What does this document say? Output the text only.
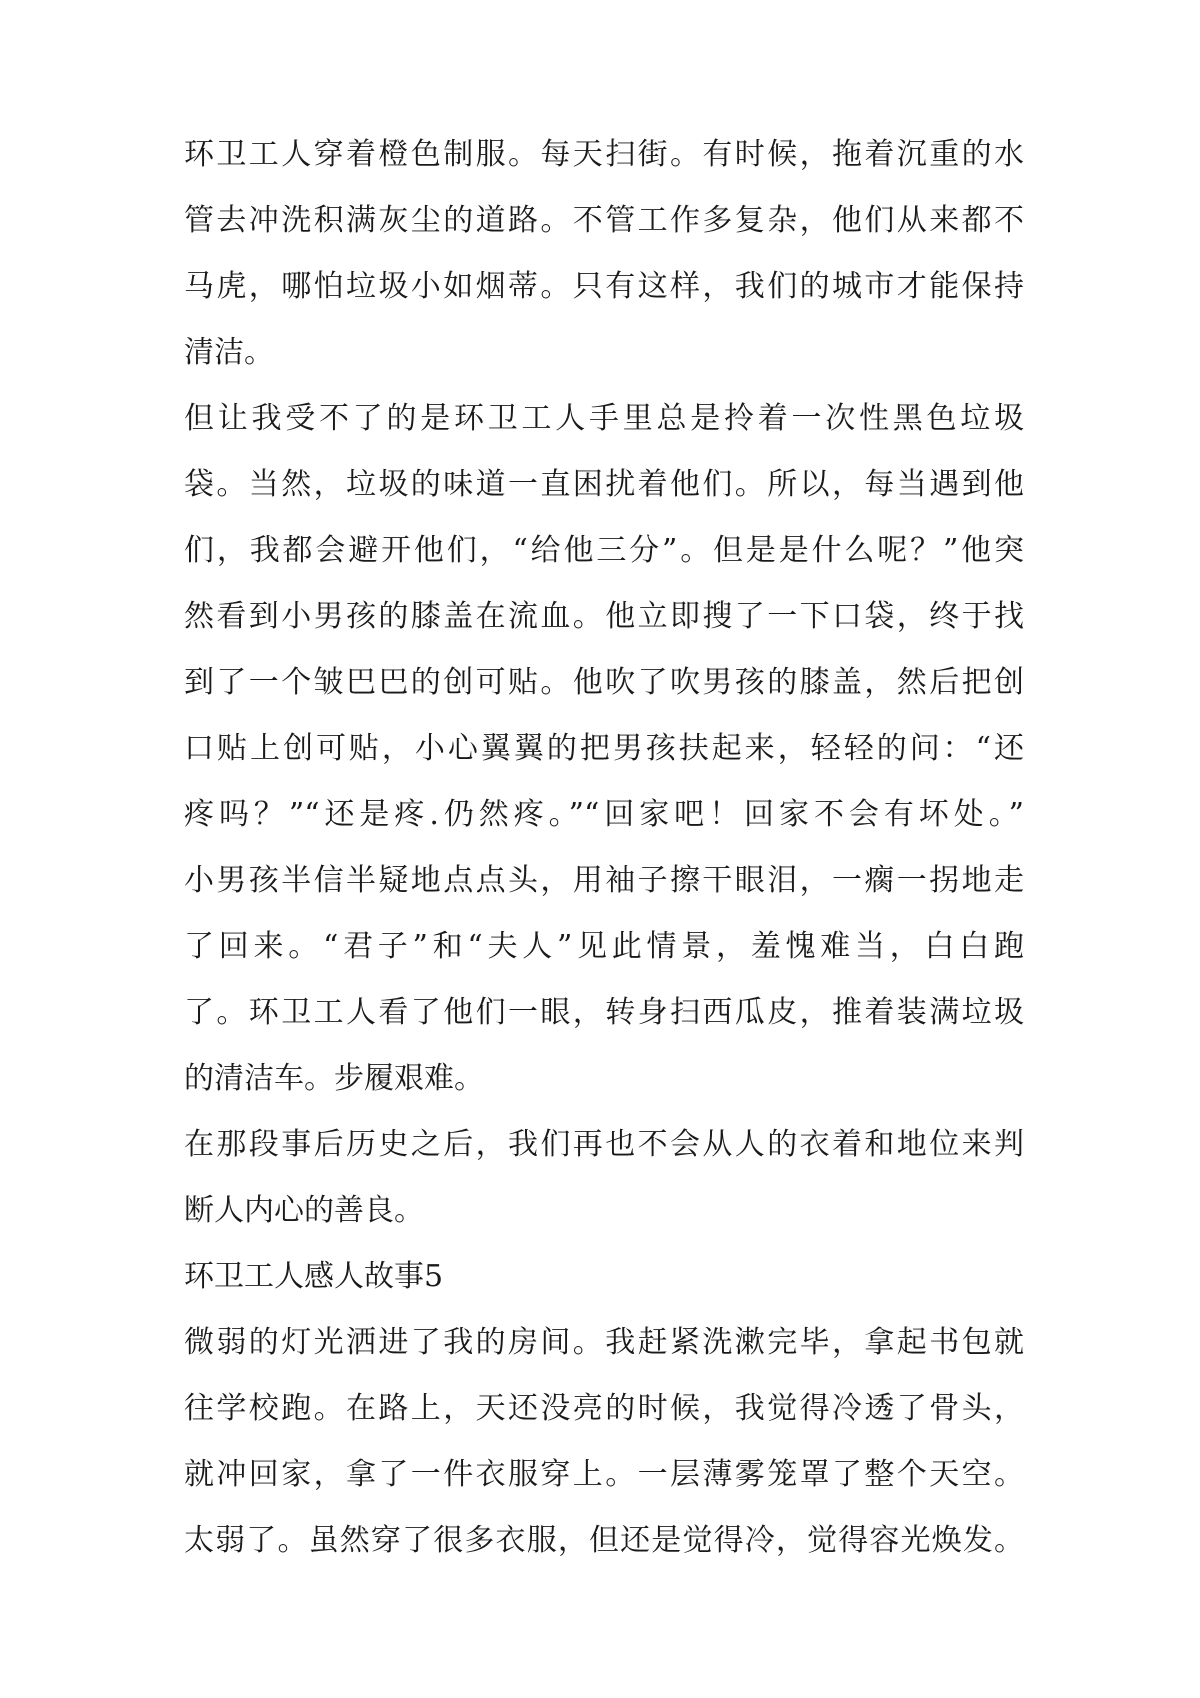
环卫工人穿着橙色制服。每天扫街。有时候，拖着沉重的水
管去冲洗积满灰尘的道路。不管工作多复杂，他们从来都不
马虎，哪怕垃圾小如烟蒂。只有这样，我们的城市才能保持
清洁。
但让我受不了的是环卫工人手里总是拎着一次性黑色垃圾
袋。当然，垃圾的味道一直困扰着他们。所以，每当遇到他
们，我都会避开他们，“给他三分”。但是是什么呢？”他突
然看到小男孩的膝盖在流血。他立即搜了一下口袋，终于找
到了一个皱巴巴的创可贴。他吹了吹男孩的膝盖，然后把创
口贴上创可贴，小心翼翼的把男孩扶起来，轻轻的问：“还
疼吗？”“还是疼.仍然疼。”“回家吧！回家不会有坏处。”
小男孩半信半疑地点点头，用袖子擦干眼泪，一瘸一拐地走
了回来。“君子”和“夫人”见此情景，羞愧难当，白白跑
了。环卫工人看了他们一眼，转身扫西瓜皮，推着装满垃圾
的清洁车。步履艰难。
在那段事后历史之后，我们再也不会从人的衣着和地位来判
断人内心的善良。
环卫工人感人故事5
微弱的灯光洒进了我的房间。我赶紧洗漱完毕，拿起书包就
往学校跑。在路上，天还没亮的时候，我觉得冷透了骨头，
就冲回家，拿了一件衣服穿上。一层薄雾笼罩了整个天空。
太弱了。虽然穿了很多衣服，但还是觉得冷，觉得容光焕发。
